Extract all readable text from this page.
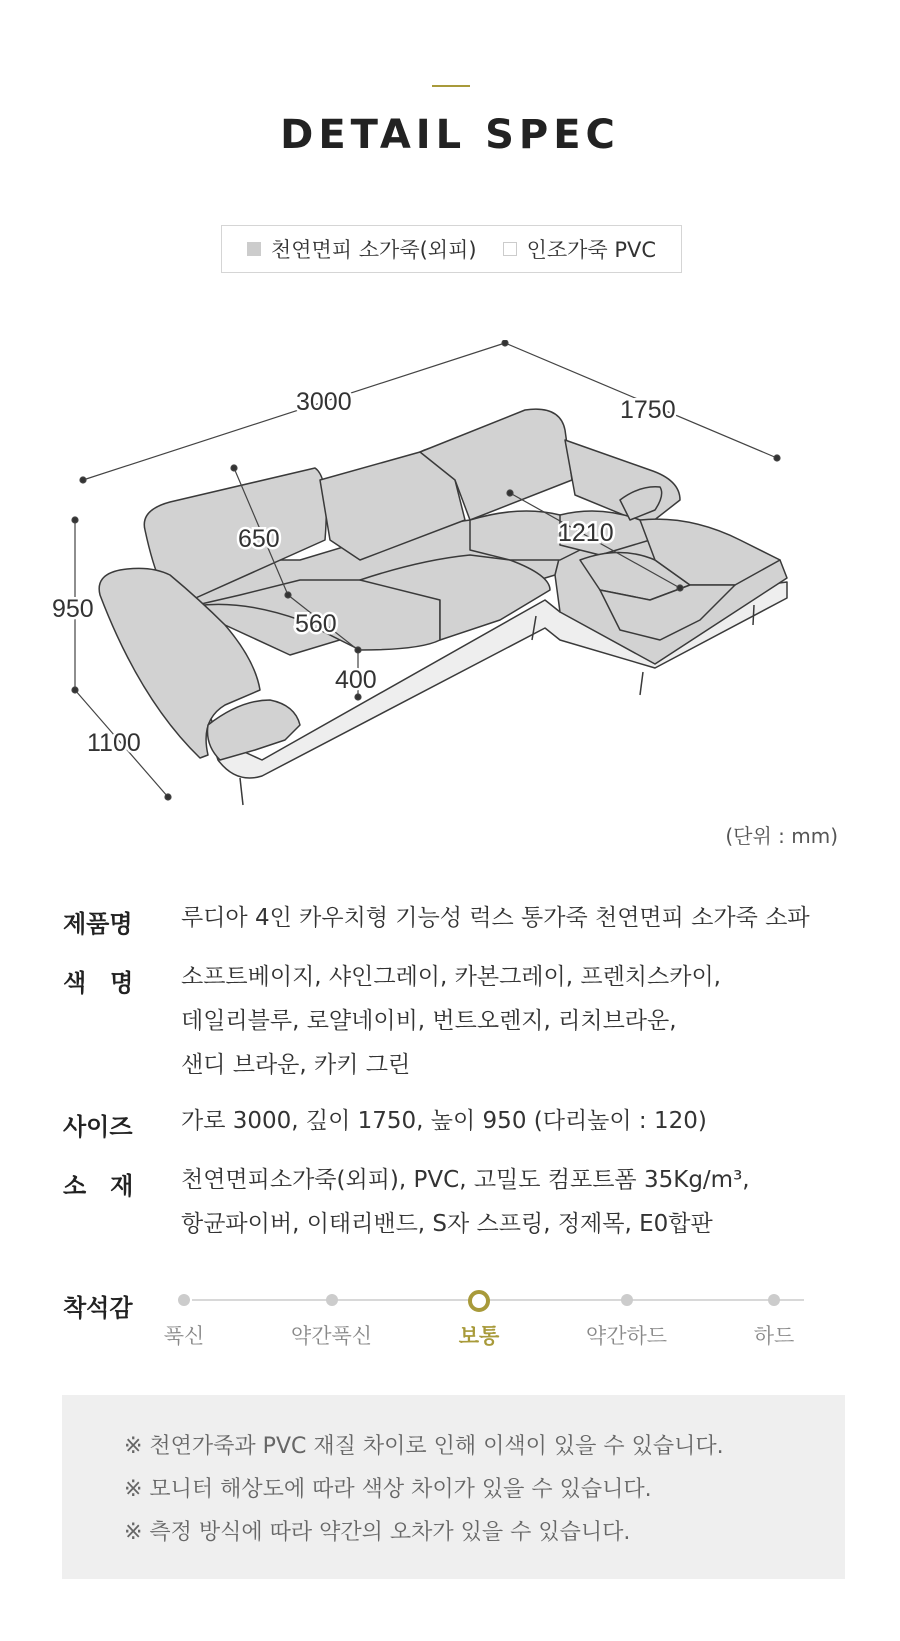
DETAIL SPEC
천연면피 소가죽(외피) 인조가죽 PVC
3000	1750
950
1100
650
560
400
1210
(단위 : mm)
제품명 루디아 4인 카우치형 기능성 럭스 통가죽 천연면피 소가죽 소파
색　명 소프트베이지, 샤인그레이, 카본그레이, 프렌치스카이,
데일리블루, 로얄네이비, 번트오렌지, 리치브라운,
샌디 브라운, 카키 그린
사이즈 가로 3000, 깊이 1750, 높이 950 (다리높이 : 120)
소　재 천연면피소가죽(외피), PVC, 고밀도 컴포트폼 35Kg/m³,
항균파이버, 이태리밴드, S자 스프링, 정제목, E0합판
착석감
푹신	약간푹신	보통	약간하드	하드
※ 천연가죽과 PVC 재질 차이로 인해 이색이 있을 수 있습니다.
※ 모니터 해상도에 따라 색상 차이가 있을 수 있습니다.
※ 측정 방식에 따라 약간의 오차가 있을 수 있습니다.
